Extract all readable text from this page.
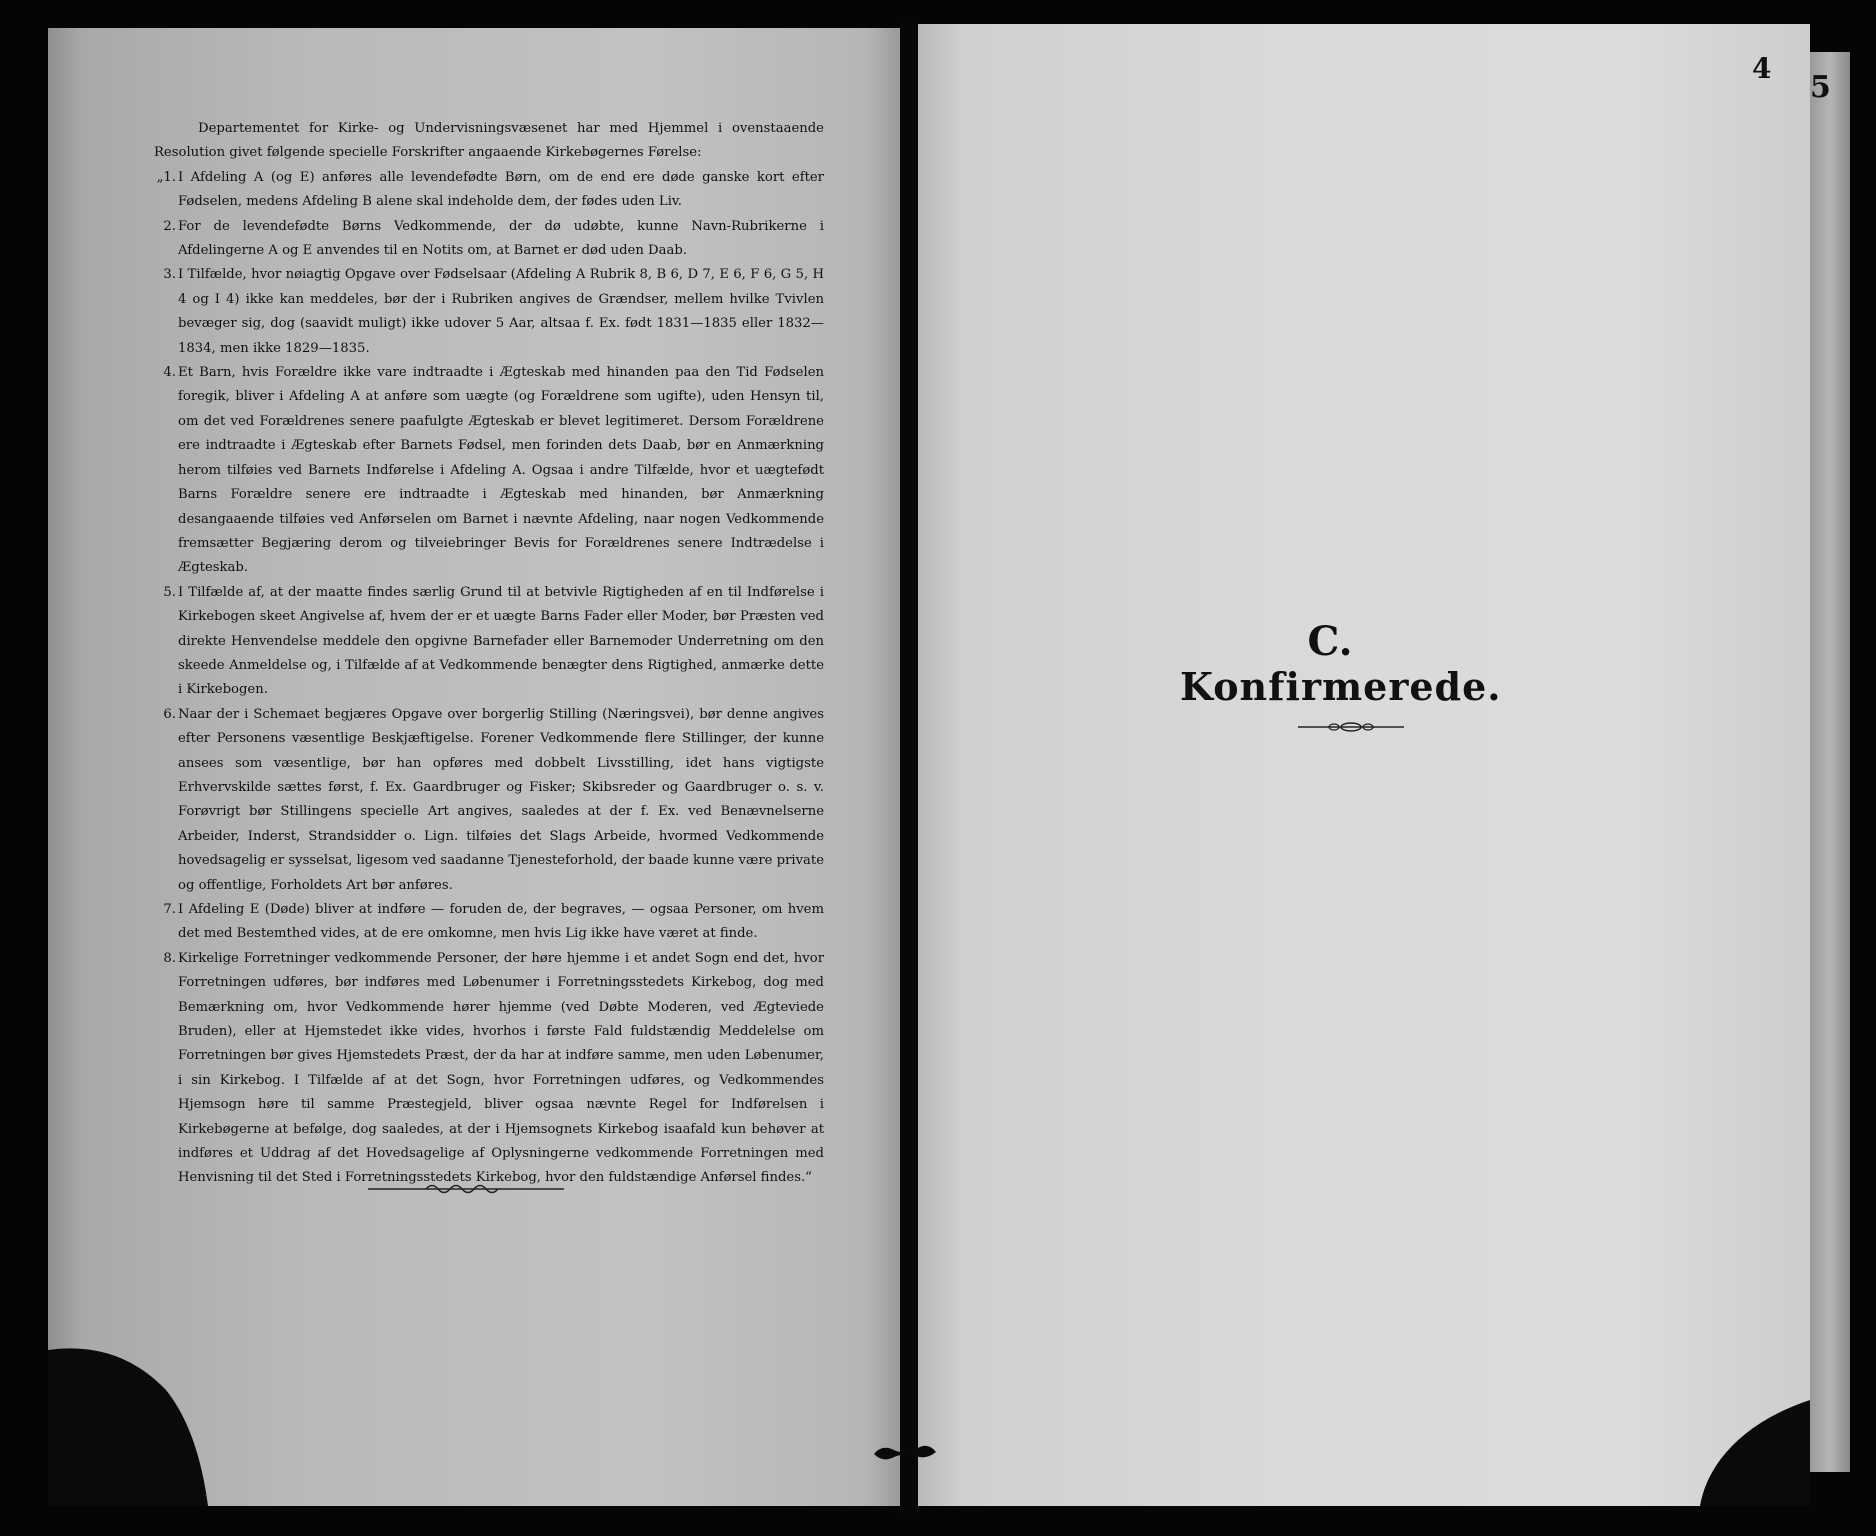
Departementet for Kirke- og Undervisningsvæsenet har med Hjemmel i ovenstaaende Resolution givet følgende specielle Forskrifter angaaende Kirkebøgernes Førelse:

„1. I Afdeling A (og E) anføres alle levendefødte Børn, om de end ere døde ganske kort efter Fødselen, medens Afdeling B alene skal indeholde dem, der fødes uden Liv.

2. For de levendefødte Børns Vedkommende, der dø udøbte, kunne Navn-Rubrikerne i Afdelingerne A og E anvendes til en Notits om, at Barnet er død uden Daab.

3. I Tilfælde, hvor nøiagtig Opgave over Fødselsaar (Afdeling A Rubrik 8, B 6, D 7, E 6, F 6, G 5, H 4 og I 4) ikke kan meddeles, bør der i Rubriken angives de Grændser, mellem hvilke Tvivlen bevæger sig, dog (saavidt muligt) ikke udover 5 Aar, altsaa f. Ex. født 1831—1835 eller 1832—1834, men ikke 1829—1835.

4. Et Barn, hvis Forældre ikke vare indtraadte i Ægteskab med hinanden paa den Tid Fødselen foregik, bliver i Afdeling A at anføre som uægte (og Forældrene som ugifte), uden Hensyn til, om det ved Forældrenes senere paafulgte Ægteskab er blevet legitimeret. Dersom Forældrene ere indtraadte i Ægteskab efter Barnets Fødsel, men forinden dets Daab, bør en Anmærkning herom tilføies ved Barnets Indførelse i Afdeling A. Ogsaa i andre Tilfælde, hvor et uægtefødt Barns Forældre senere ere indtraadte i Ægteskab med hinanden, bør Anmærkning desangaaende tilføies ved Anførselen om Barnet i nævnte Afdeling, naar nogen Vedkommende fremsætter Begjæring derom og tilveiebringer Bevis for Forældrenes senere Indtrædelse i Ægteskab.

5. I Tilfælde af, at der maatte findes særlig Grund til at betvivle Rigtigheden af en til Indførelse i Kirkebogen skeet Angivelse af, hvem der er et uægte Barns Fader eller Moder, bør Præsten ved direkte Henvendelse meddele den opgivne Barnefader eller Barnemoder Underretning om den skeede Anmeldelse og, i Tilfælde af at Vedkommende benægter dens Rigtighed, anmærke dette i Kirkebogen.

6. Naar der i Schemaet begjæres Opgave over borgerlig Stilling (Næringsvei), bør denne angives efter Personens væsentlige Beskjæftigelse. Forener Vedkommende flere Stillinger, der kunne ansees som væsentlige, bør han opføres med dobbelt Livsstilling, idet hans vigtigste Erhvervskilde sættes først, f. Ex. Gaardbruger og Fisker; Skibsreder og Gaardbruger o. s. v. Forøvrigt bør Stillingens specielle Art angives, saaledes at der f. Ex. ved Benævnelserne Arbeider, Inderst, Strandsidder o. Lign. tilføies det Slags Arbeide, hvormed Vedkommende hovedsagelig er sysselsat, ligesom ved saadanne Tjenesteforhold, der baade kunne være private og offentlige, Forholdets Art bør anføres.

7. I Afdeling E (Døde) bliver at indføre — foruden de, der begraves, — ogsaa Personer, om hvem det med Bestemthed vides, at de ere omkomne, men hvis Lig ikke have været at finde.

8. Kirkelige Forretninger vedkommende Personer, der høre hjemme i et andet Sogn end det, hvor Forretningen udføres, bør indføres med Løbenumer i Forretningsstedets Kirkebog, dog med Bemærkning om, hvor Vedkommende hører hjemme (ved Døbte Moderen, ved Ægteviede Bruden), eller at Hjemstedet ikke vides, hvorhos i første Fald fuldstændig Meddelelse om Forretningen bør gives Hjemstedets Præst, der da har at indføre samme, men uden Løbenumer, i sin Kirkebog. I Tilfælde af at det Sogn, hvor Forretningen udføres, og Vedkommendes Hjemsogn høre til samme Præstegjeld, bliver ogsaa nævnte Regel for Indførelsen i Kirkebøgerne at befølge, dog saaledes, at der i Hjemsognets Kirkebog isaafald kun behøver at indføres et Uddrag af det Hovedsagelige af Oplysningerne vedkommende Forretningen med Henvisning til det Sted i Forretningsstedets Kirkebog, hvor den fuldstændige Anførsel findes.“

4
5
C.
Konfirmerede.
